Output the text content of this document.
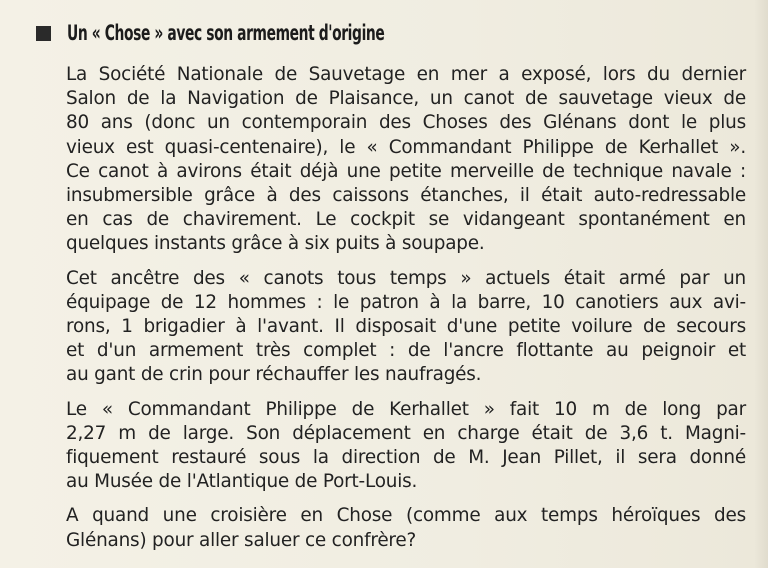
Un « Chose » avec son armement d'origine
La Société Nationale de Sauvetage en mer a exposé, lors du dernier
Salon de la Navigation de Plaisance, un canot de sauvetage vieux de
80 ans (donc un contemporain des Choses des Glénans dont le plus
vieux est quasi-centenaire), le « Commandant Philippe de Kerhallet ».
Ce canot à avirons était déjà une petite merveille de technique navale :
insubmersible grâce à des caissons étanches, il était auto-redressable
en cas de chavirement. Le cockpit se vidangeant spontanément en
quelques instants grâce à six puits à soupape.
Cet ancêtre des « canots tous temps » actuels était armé par un
équipage de 12 hommes : le patron à la barre, 10 canotiers aux avi-
rons, 1 brigadier à l'avant. Il disposait d'une petite voilure de secours
et d'un armement très complet : de l'ancre flottante au peignoir et
au gant de crin pour réchauffer les naufragés.
Le « Commandant Philippe de Kerhallet » fait 10 m de long par
2,27 m de large. Son déplacement en charge était de 3,6 t. Magni-
fiquement restauré sous la direction de M. Jean Pillet, il sera donné
au Musée de l'Atlantique de Port-Louis.
A quand une croisière en Chose (comme aux temps héroïques des
Glénans) pour aller saluer ce confrère?
